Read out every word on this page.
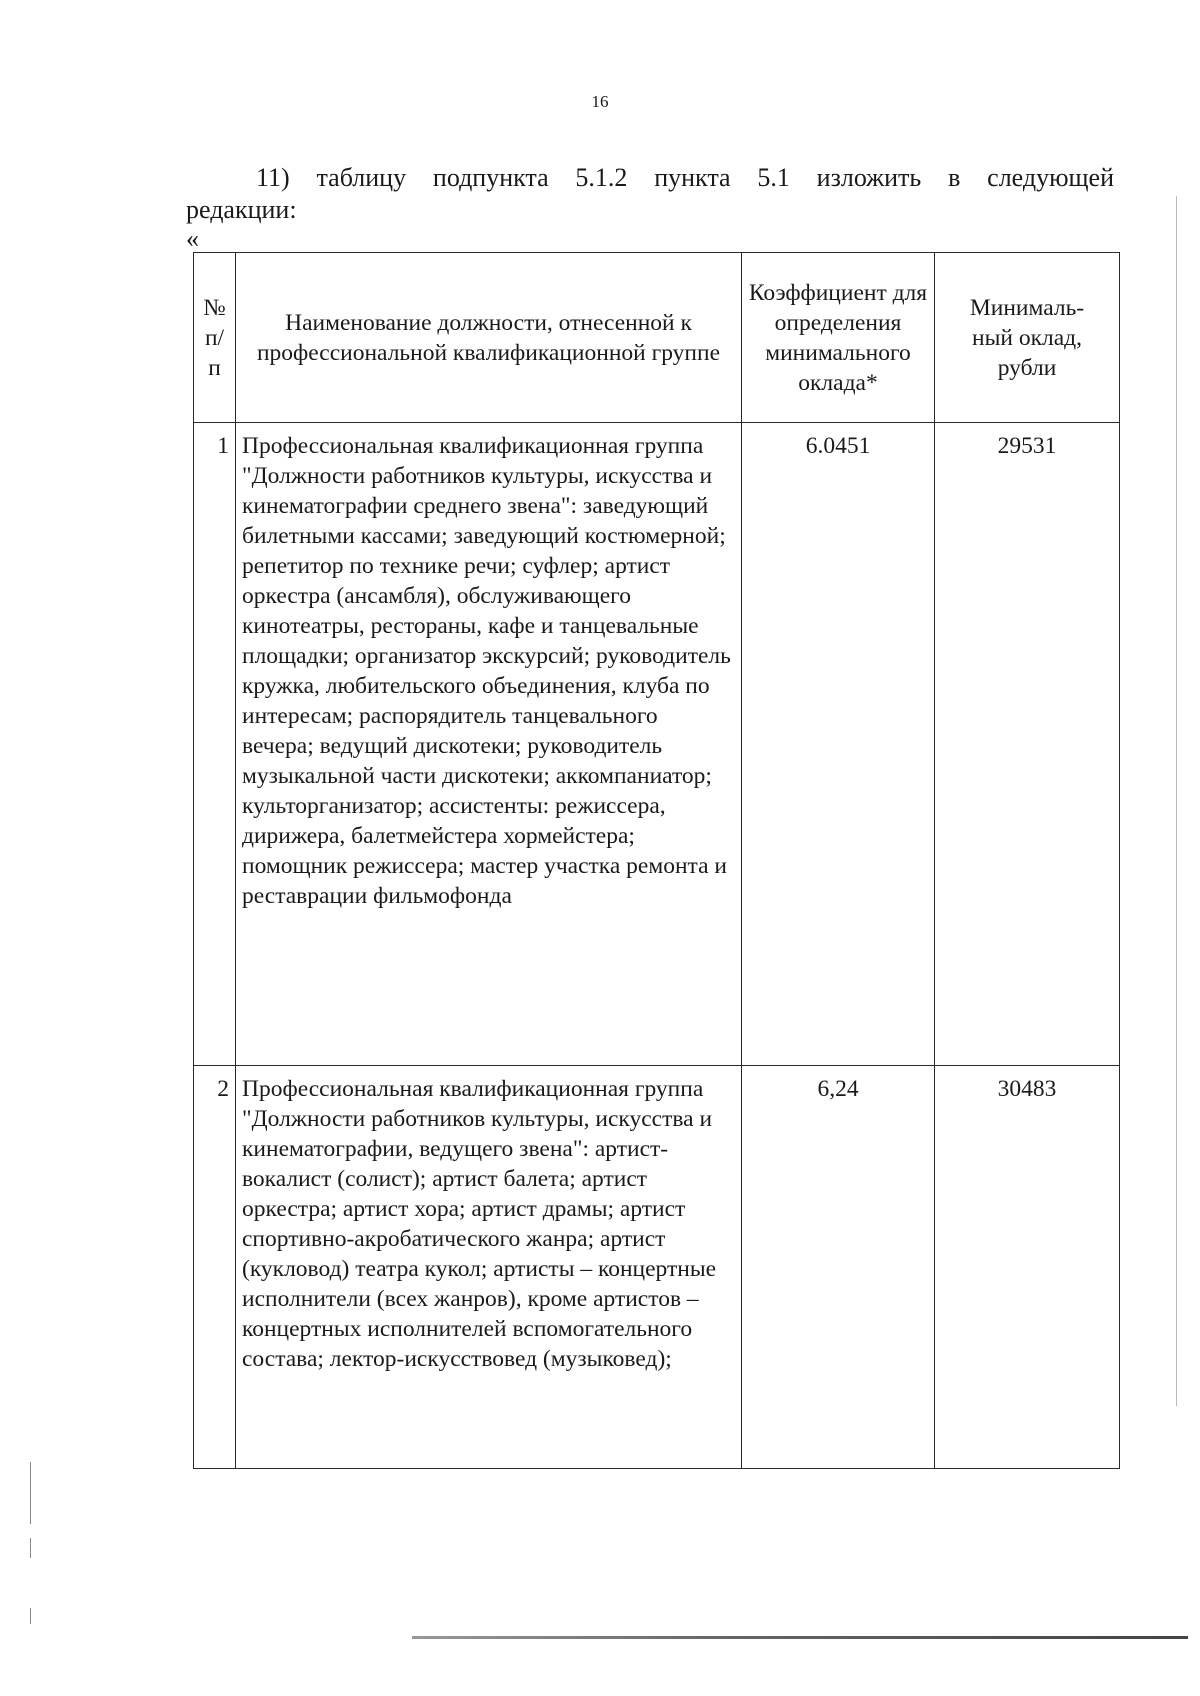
16
11) таблицу подпункта 5.1.2 пункта 5.1 изложить в следующей
редакции:
«
№ п/п	Наименование должности, отнесенной к профессиональной квалификационной группе	Коэффициент для определения минимального оклада*	Минималь-ный оклад, рубли
1	Профессиональная квалификационная группа "Должности работников культуры, искусства и кинематографии среднего звена": заведующий билетными кассами; заведующий костюмерной; репетитор по технике речи; суфлер; артист оркестра (ансамбля), обслуживающего кинотеатры, рестораны, кафе и танцевальные площадки; организатор экскурсий; руководитель кружка, любительского объединения, клуба по интересам; распорядитель танцевального вечера; ведущий дискотеки; руководитель музыкальной части дискотеки; аккомпаниатор; культорганизатор; ассистенты: режиссера, дирижера, балетмейстера хормейстера; помощник режиссера; мастер участка ремонта и реставрации фильмофонда	6.0451	29531
2	Профессиональная квалификационная группа "Должности работников культуры, искусства и кинематографии, ведущего звена": артист-вокалист (солист); артист балета; артист оркестра; артист хора; артист драмы; артист спортивно-акробатического жанра; артист (кукловод) театра кукол; артисты – концертные исполнители (всех жанров), кроме артистов – концертных исполнителей вспомогательного состава; лектор-искусствовед (музыковед);	6,24	30483
